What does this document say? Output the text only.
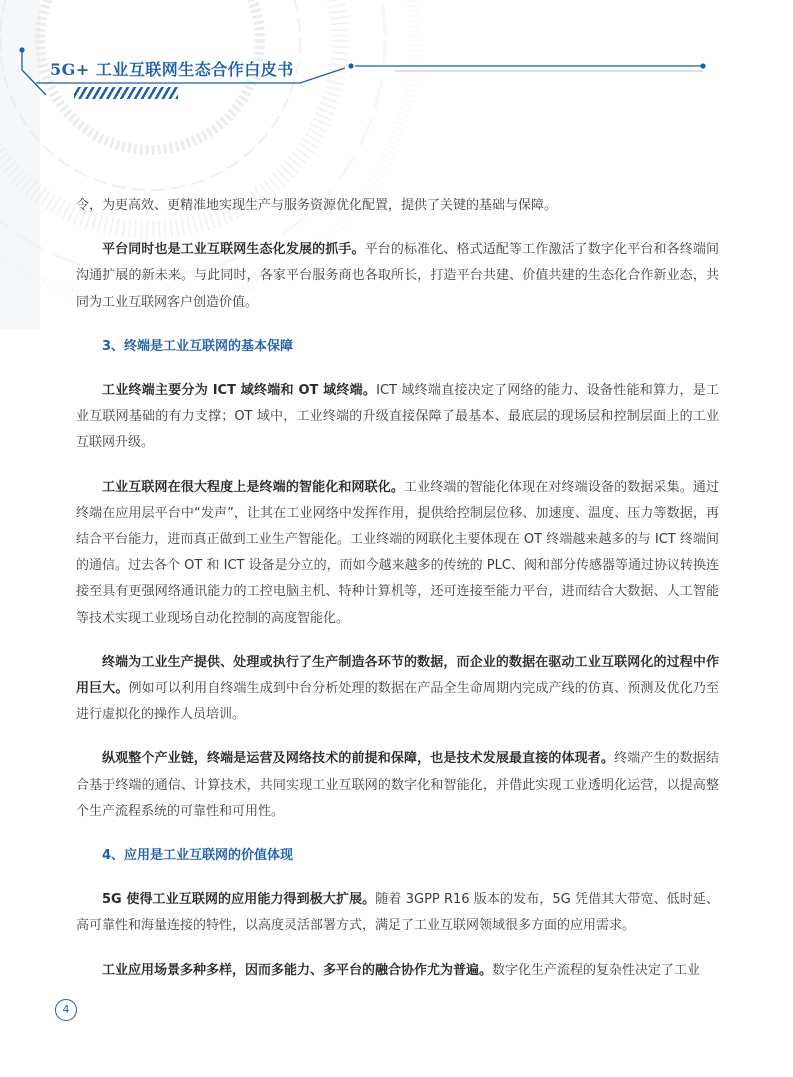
5G+ 工业互联网生态合作白皮书

令，为更高效、更精准地实现生产与服务资源优化配置，提供了关键的基础与保障。

平台同时也是工业互联网生态化发展的抓手。平台的标准化、格式适配等工作激活了数字化平台和各终端间沟通扩展的新未来。与此同时，各家平台服务商也各取所长，打造平台共建、价值共建的生态化合作新业态，共同为工业互联网客户创造价值。

3、终端是工业互联网的基本保障

工业终端主要分为 ICT 域终端和 OT 域终端。ICT 域终端直接决定了网络的能力、设备性能和算力，是工业互联网基础的有力支撑；OT 域中，工业终端的升级直接保障了最基本、最底层的现场层和控制层面上的工业互联网升级。

工业互联网在很大程度上是终端的智能化和网联化。工业终端的智能化体现在对终端设备的数据采集。通过终端在应用层平台中“发声”，让其在工业网络中发挥作用，提供给控制层位移、加速度、温度、压力等数据，再结合平台能力，进而真正做到工业生产智能化。工业终端的网联化主要体现在 OT 终端越来越多的与 ICT 终端间的通信。过去各个 OT 和 ICT 设备是分立的，而如今越来越多的传统的 PLC、阀和部分传感器等通过协议转换连接至具有更强网络通讯能力的工控电脑主机、特种计算机等，还可连接至能力平台，进而结合大数据、人工智能等技术实现工业现场自动化控制的高度智能化。

终端为工业生产提供、处理或执行了生产制造各环节的数据，而企业的数据在驱动工业互联网化的过程中作用巨大。例如可以利用自终端生成到中台分析处理的数据在产品全生命周期内完成产线的仿真、预测及优化乃至进行虚拟化的操作人员培训。

纵观整个产业链，终端是运营及网络技术的前提和保障，也是技术发展最直接的体现者。终端产生的数据结合基于终端的通信、计算技术，共同实现工业互联网的数字化和智能化，并借此实现工业透明化运营，以提高整个生产流程系统的可靠性和可用性。

4、应用是工业互联网的价值体现

5G 使得工业互联网的应用能力得到极大扩展。随着 3GPP R16 版本的发布，5G 凭借其大带宽、低时延、高可靠性和海量连接的特性，以高度灵活部署方式，满足了工业互联网领域很多方面的应用需求。

工业应用场景多种多样，因而多能力、多平台的融合协作尤为普遍。数字化生产流程的复杂性决定了工业

4
